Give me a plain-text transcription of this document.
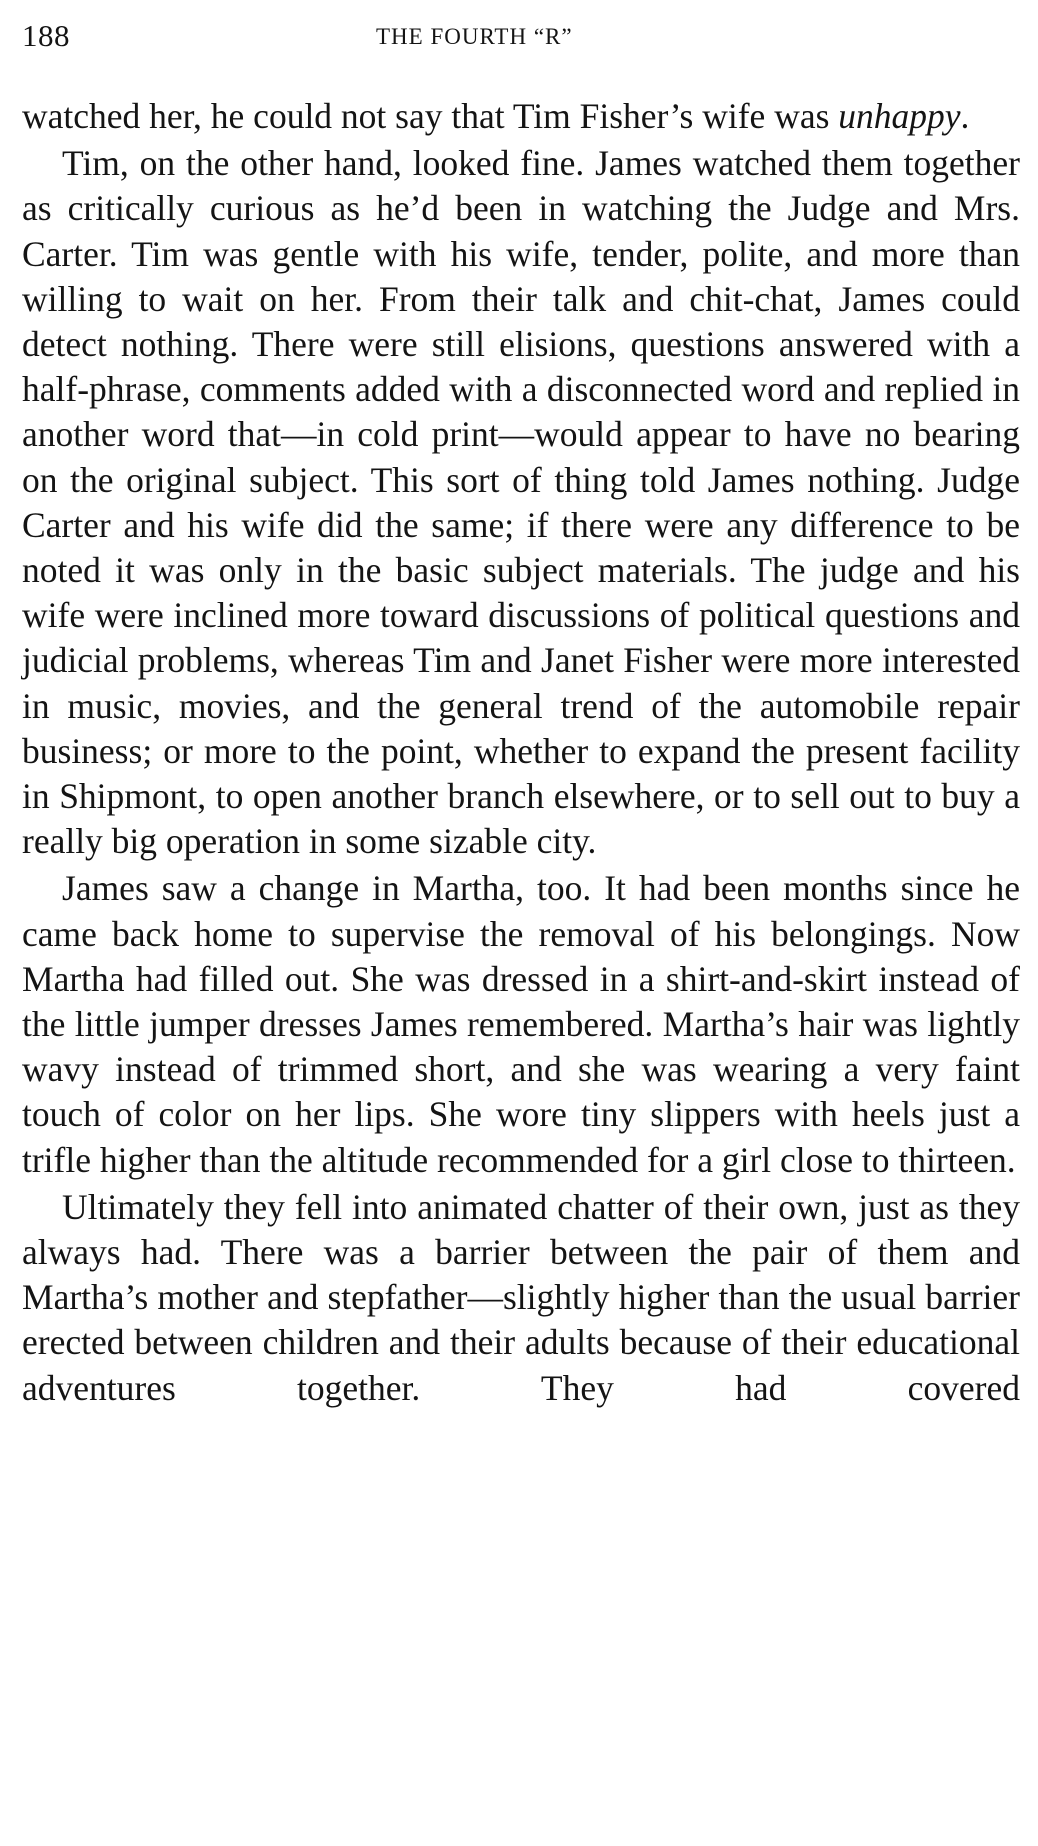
188	THE FOURTH “R”

watched her, he could not say that Tim Fisher’s wife was unhappy.

Tim, on the other hand, looked fine. James watched them together as critically curious as he’d been in watching the Judge and Mrs. Carter. Tim was gentle with his wife, tender, polite, and more than willing to wait on her. From their talk and chit-chat, James could detect nothing. There were still elisions, questions answered with a half-phrase, comments added with a disconnected word and replied in another word that—in cold print—would appear to have no bearing on the original subject. This sort of thing told James nothing. Judge Carter and his wife did the same; if there were any difference to be noted it was only in the basic subject materials. The judge and his wife were inclined more toward discussions of political questions and judicial problems, whereas Tim and Janet Fisher were more interested in music, movies, and the general trend of the automobile repair business; or more to the point, whether to expand the present facility in Shipmont, to open another branch elsewhere, or to sell out to buy a really big operation in some sizable city.

James saw a change in Martha, too. It had been months since he came back home to supervise the removal of his belongings. Now Martha had filled out. She was dressed in a shirt-and-skirt instead of the little jumper dresses James remembered. Martha’s hair was lightly wavy instead of trimmed short, and she was wearing a very faint touch of color on her lips. She wore tiny slippers with heels just a trifle higher than the altitude recommended for a girl close to thirteen.

Ultimately they fell into animated chatter of their own, just as they always had. There was a barrier between the pair of them and Martha’s mother and stepfather—slightly higher than the usual barrier erected between children and their adults because of their educational adventures together. They had covered
